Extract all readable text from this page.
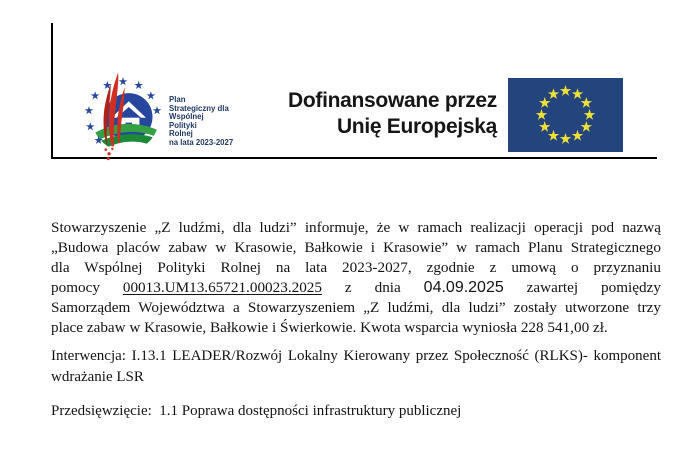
Plan
Strategiczny dla
Wspólnej
Polityki
Rolnej
na lata 2023-2027
Dofinansowane przez
Unię Europejską
Stowarzyszenie „Z ludźmi, dla ludzi” informuje, że w ramach realizacji operacji pod nazwą
„Budowa placów zabaw w Krasowie, Bałkowie i Krasowie” w ramach Planu Strategicznego
dla Wspólnej Polityki Rolnej na lata 2023-2027, zgodnie z umową o przyznaniu
pomocy 00013.UM13.65721.00023.2025 z dnia 04.09.2025 zawartej pomiędzy
Samorządem Województwa a Stowarzyszeniem „Z ludźmi, dla ludzi” zostały utworzone trzy
place zabaw w Krasowie, Bałkowie i Świerkowie. Kwota wsparcia wyniosła 228 541,00 zł.
Interwencja: I.13.1 LEADER/Rozwój Lokalny Kierowany przez Społeczność (RLKS)- komponent
wdrażanie LSR
Przedsięwzięcie:  1.1 Poprawa dostępności infrastruktury publicznej
